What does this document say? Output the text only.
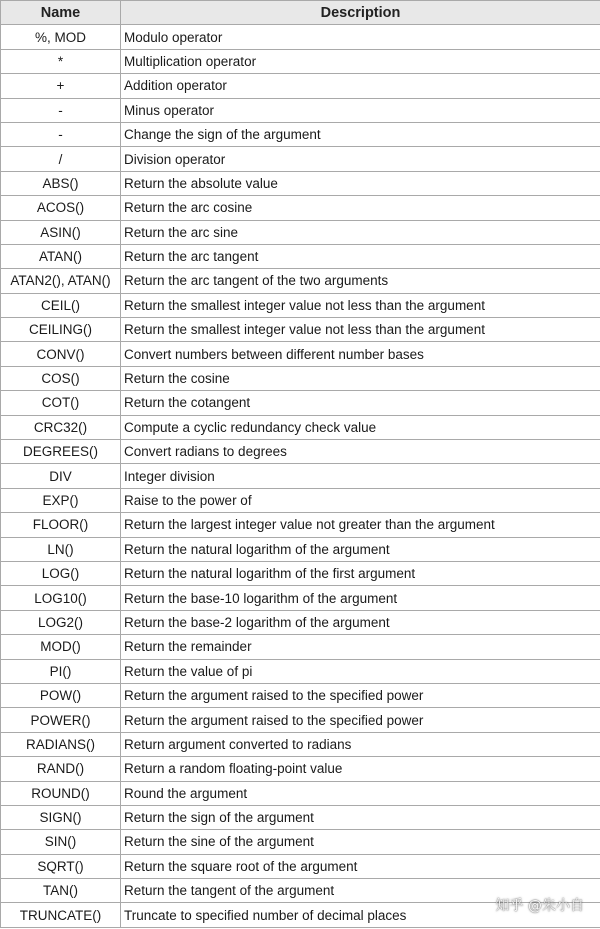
Name	Description
%, MOD	Modulo operator
*	Multiplication operator
+	Addition operator
-	Minus operator
-	Change the sign of the argument
/	Division operator
ABS()	Return the absolute value
ACOS()	Return the arc cosine
ASIN()	Return the arc sine
ATAN()	Return the arc tangent
ATAN2(), ATAN()	Return the arc tangent of the two arguments
CEIL()	Return the smallest integer value not less than the argument
CEILING()	Return the smallest integer value not less than the argument
CONV()	Convert numbers between different number bases
COS()	Return the cosine
COT()	Return the cotangent
CRC32()	Compute a cyclic redundancy check value
DEGREES()	Convert radians to degrees
DIV	Integer division
EXP()	Raise to the power of
FLOOR()	Return the largest integer value not greater than the argument
LN()	Return the natural logarithm of the argument
LOG()	Return the natural logarithm of the first argument
LOG10()	Return the base-10 logarithm of the argument
LOG2()	Return the base-2 logarithm of the argument
MOD()	Return the remainder
PI()	Return the value of pi
POW()	Return the argument raised to the specified power
POWER()	Return the argument raised to the specified power
RADIANS()	Return argument converted to radians
RAND()	Return a random floating-point value
ROUND()	Round the argument
SIGN()	Return the sign of the argument
SIN()	Return the sine of the argument
SQRT()	Return the square root of the argument
TAN()	Return the tangent of the argument
TRUNCATE()	Truncate to specified number of decimal places
知乎 @朱小自
